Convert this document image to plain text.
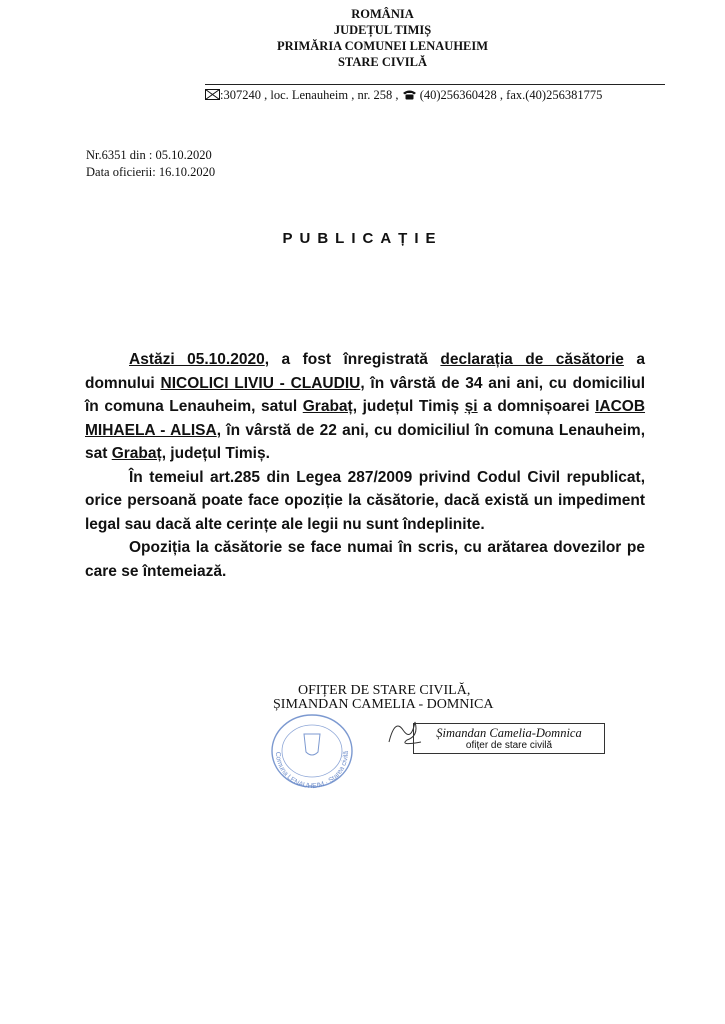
ROMÂNIA
JUDEȚUL TIMIȘ
PRIMĂRIA COMUNEI LENAUHEIM
STARE CIVILĂ
:307240 , loc. Lenauheim , nr. 258 ,  (40)256360428 , fax.(40)256381775
Nr.6351 din : 05.10.2020
Data oficierii: 16.10.2020
PUBLICAȚIE

Astăzi 05.10.2020, a fost înregistrată declarația de căsătorie a domnului NICOLICI LIVIU - CLAUDIU, în vârstă de 34 ani ani, cu domiciliul în comuna Lenauheim, satul Grabaț, județul Timiș și a domnișoarei IACOB MIHAELA - ALISA, în vârstă de 22 ani, cu domiciliul în comuna Lenauheim, sat Grabaț, județul Timiș.

În temeiul art.285 din Legea 287/2009 privind Codul Civil republicat, orice persoană poate face opoziție la căsătorie, dacă există un impediment legal sau dacă alte cerințe ale legii nu sunt îndeplinite.

Opoziția la căsătorie se face numai în scris, cu arătarea dovezilor pe care se întemeiază.

OFIȚER DE STARE CIVILĂ,
ȘIMANDAN CAMELIA - DOMNICA
Comuna LENAUHEIM · Starea civilă
Șimandan Camelia-Domnica
ofițer de stare civilă
